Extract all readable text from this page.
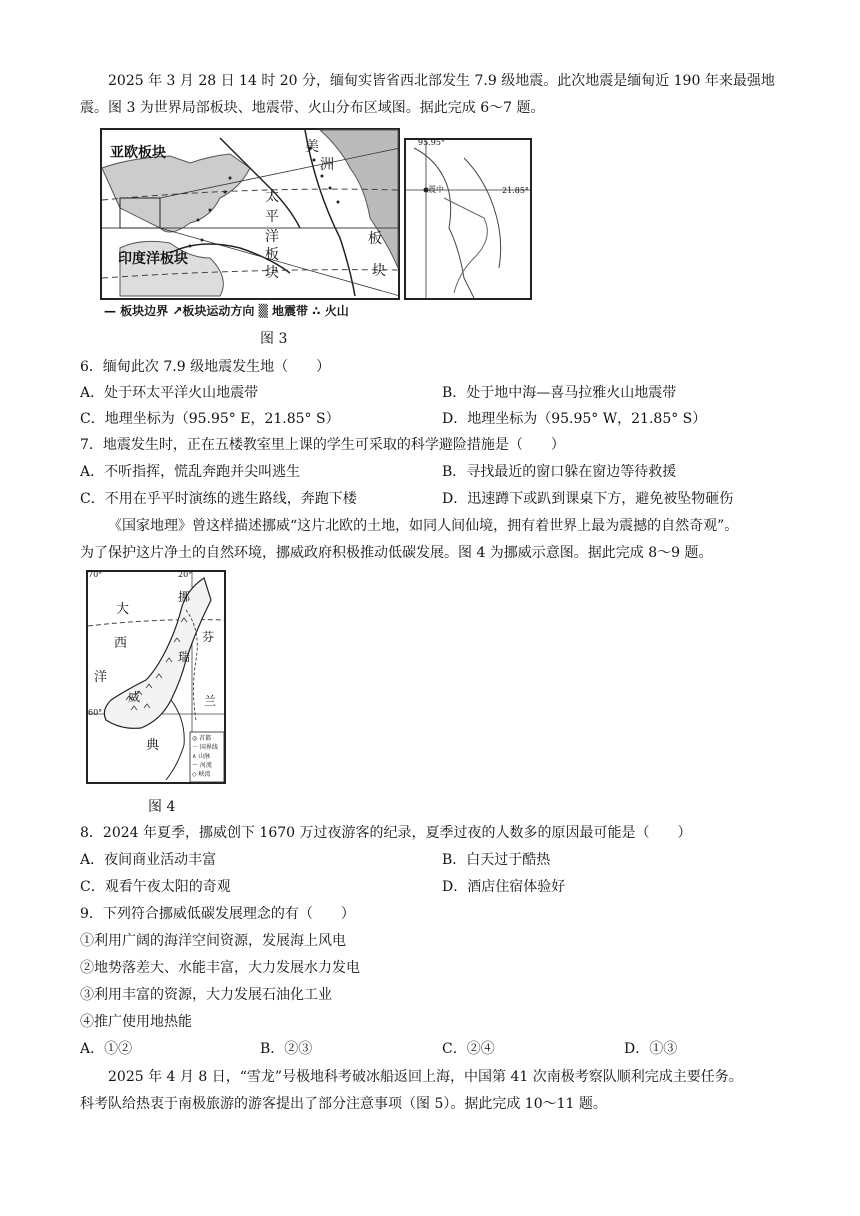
2025 年 3 月 28 日 14 时 20 分，缅甸实皆省西北部发生 7.9 级地震。此次地震是缅甸近 190 年来最强地
震。图 3 为世界局部板块、地震带、火山分布区域图。据此完成 6～7 题。
亚欧板块
印度洋板块
太
平
洋
板
块
美
洲
板
块
95.95°
21.85°
震中
— 板块边界 ↗板块运动方向 ▒ 地震带 ∴ 火山
图 3
6．缅甸此次 7.9 级地震发生地（　　）
A．处于环太平洋火山地震带	B．处于地中海—喜马拉雅火山地震带
C．地理坐标为（95.95° E，21.85° S）	D．地理坐标为（95.95° W，21.85° S）
7．地震发生时，正在五楼教室里上课的学生可采取的科学避险措施是（　　）
A．不听指挥，慌乱奔跑并尖叫逃生	B．寻找最近的窗口躲在窗边等待救援
C．不用在乎平时演练的逃生路线，奔跑下楼	D．迅速蹲下或趴到课桌下方，避免被坠物砸伤
《国家地理》曾这样描述挪威“这片北欧的土地，如同人间仙境，拥有着世界上最为震撼的自然奇观”。
为了保护这片净土的自然环境，挪威政府积极推动低碳发展。图 4 为挪威示意图。据此完成 8～9 题。
70°	20°
大
西
洋
挪
威
瑞
典
芬
兰
60°
◎ 首都
－ 国界线
∧ 山脉
～ 河流
◇ 峡湾
图 4
8．2024 年夏季，挪威创下 1670 万过夜游客的纪录，夏季过夜的人数多的原因最可能是（　　）
A．夜间商业活动丰富	B．白天过于酷热
C．观看午夜太阳的奇观	D．酒店住宿体验好
9．下列符合挪威低碳发展理念的有（　　）
①利用广阔的海洋空间资源，发展海上风电
②地势落差大、水能丰富，大力发展水力发电
③利用丰富的资源，大力发展石油化工业
④推广使用地热能
A．①②	B．②③	C．②④	D．①③
2025 年 4 月 8 日，“雪龙”号极地科考破冰船返回上海，中国第 41 次南极考察队顺利完成主要任务。
科考队给热衷于南极旅游的游客提出了部分注意事项（图 5）。据此完成 10～11 题。
